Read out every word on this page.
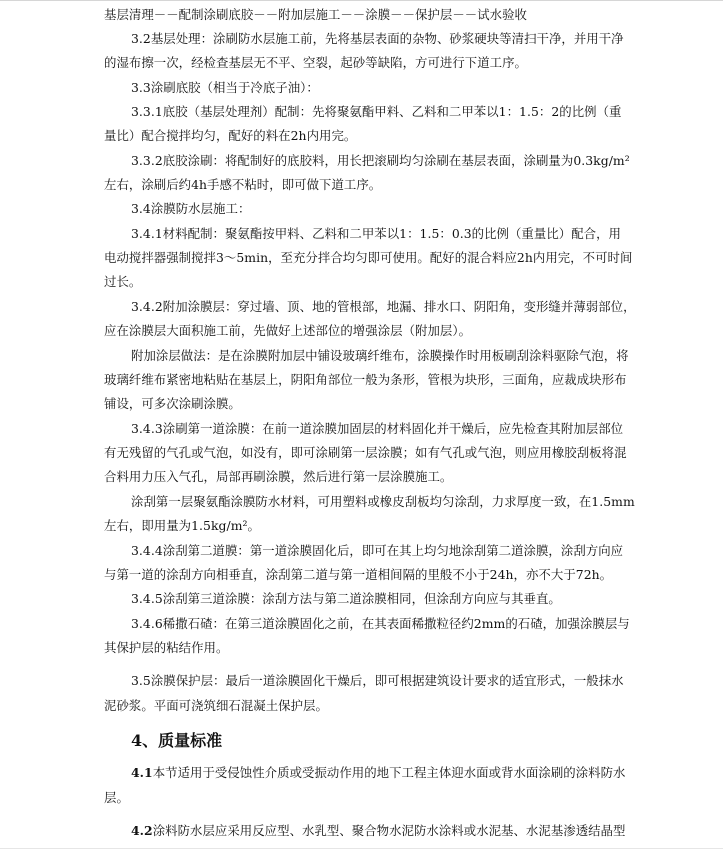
基层清理－－配制涂刷底胶－－附加层施工－－涂膜－－保护层－－试水验收
3.2基层处理：涂刷防水层施工前，先将基层表面的杂物、砂浆硬块等清扫干净，并用干净
的湿布擦一次，经检查基层无不平、空裂，起砂等缺陷，方可进行下道工序。
3.3涂刷底胶（相当于冷底子油）：
3.3.1底胶（基层处理剂）配制：先将聚氨酯甲料、乙料和二甲苯以1：1.5：2的比例（重
量比）配合搅拌均匀，配好的料在2h内用完。
3.3.2底胶涂刷：将配制好的底胶料，用长把滚刷均匀涂刷在基层表面，涂刷量为0.3kg/m²
左右，涂刷后约4h手感不粘时，即可做下道工序。
3.4涂膜防水层施工：
3.4.1材料配制：聚氨酯按甲料、乙料和二甲苯以1：1.5：0.3的比例（重量比）配合，用
电动搅拌器强制搅拌3～5min，至充分拌合均匀即可使用。配好的混合料应2h内用完，不可时间
过长。
3.4.2附加涂膜层：穿过墙、顶、地的管根部，地漏、排水口、阴阳角，变形缝并薄弱部位，
应在涂膜层大面积施工前，先做好上述部位的增强涂层（附加层）。
附加涂层做法：是在涂膜附加层中铺设玻璃纤维布，涂膜操作时用板刷刮涂料驱除气泡，将
玻璃纤维布紧密地粘贴在基层上，阴阳角部位一般为条形，管根为块形，三面角，应裁成块形布
铺设，可多次涂刷涂膜。
3.4.3涂刷第一道涂膜：在前一道涂膜加固层的材料固化并干燥后，应先检查其附加层部位
有无残留的气孔或气泡，如没有，即可涂刷第一层涂膜；如有气孔或气泡，则应用橡胶刮板将混
合料用力压入气孔，局部再刷涂膜，然后进行第一层涂膜施工。
涂刮第一层聚氨酯涂膜防水材料，可用塑料或橡皮刮板均匀涂刮，力求厚度一致，在1.5mm
左右，即用量为1.5kg/m²。
3.4.4涂刮第二道膜：第一道涂膜固化后，即可在其上均匀地涂刮第二道涂膜，涂刮方向应
与第一道的涂刮方向相垂直，涂刮第二道与第一道相间隔的里般不小于24h，亦不大于72h。
3.4.5涂刮第三道涂膜：涂刮方法与第二道涂膜相同，但涂刮方向应与其垂直。
3.4.6稀撒石碴：在第三道涂膜固化之前，在其表面稀撒粒径约2mm的石碴，加强涂膜层与
其保护层的粘结作用。
3.5涂膜保护层：最后一道涂膜固化干燥后，即可根据建筑设计要求的适宜形式，一般抹水
泥砂浆。平面可浇筑细石混凝土保护层。
4、质量标准
4.1本节适用于受侵蚀性介质或受振动作用的地下工程主体迎水面或背水面涂刷的涂料防水
层。
4.2涂料防水层应采用反应型、水乳型、聚合物水泥防水涂料或水泥基、水泥基渗透结晶型
